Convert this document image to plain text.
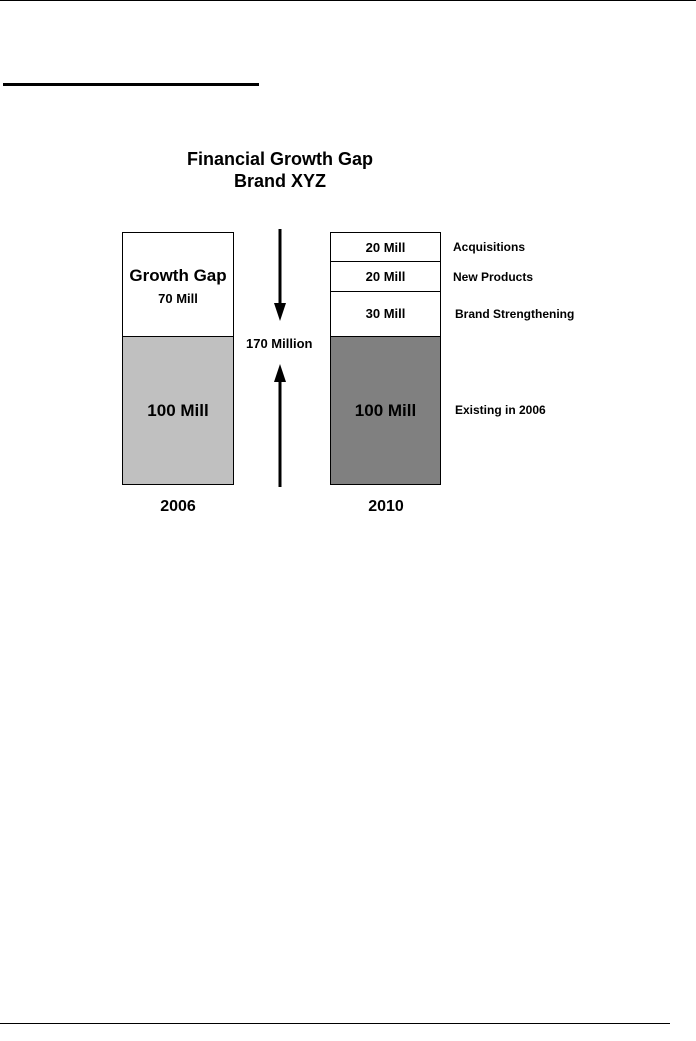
Financial Growth Gap
Brand XYZ
Growth Gap
70 Mill
100 Mill
2006
170 Million
20 Mill
20 Mill
30 Mill
100 Mill
2010
Acquisitions
New Products
Brand Strengthening
Existing in 2006
